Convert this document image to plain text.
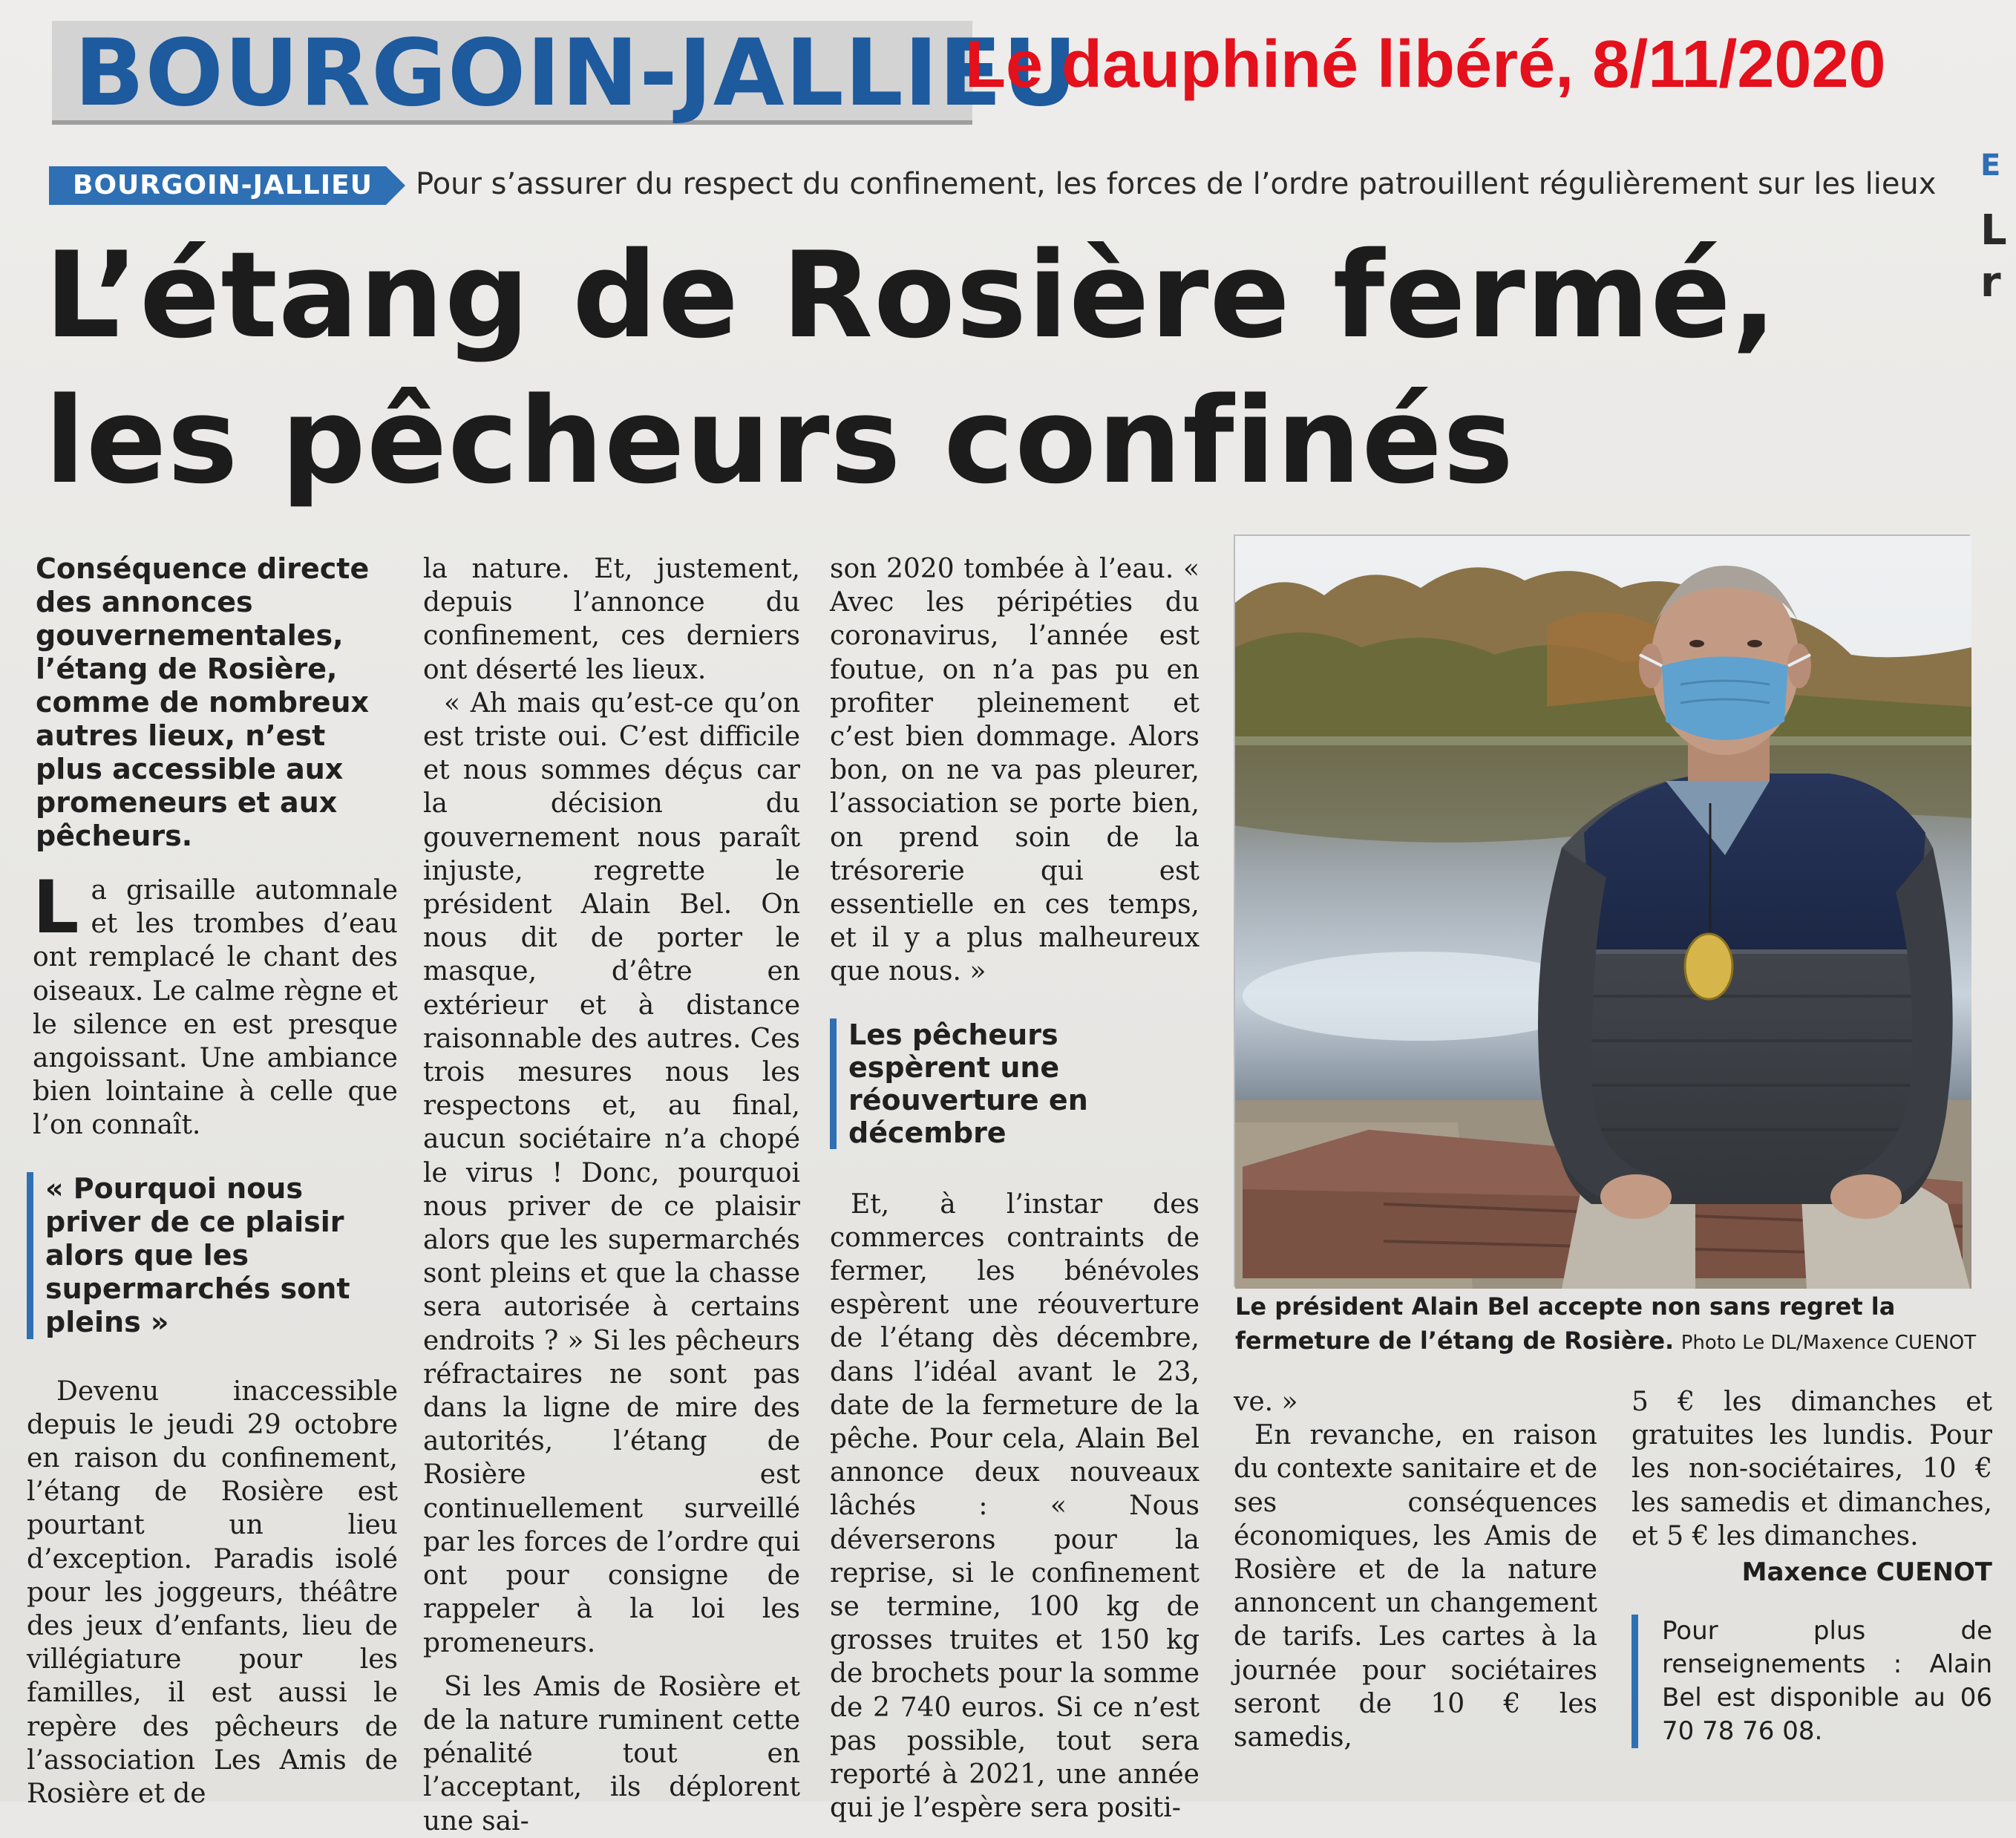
BOURGOIN-JALLIEU
Le dauphiné libéré, 8/11/2020
BOURGOIN-JALLIEU	Pour s’assurer du respect du confinement, les forces de l’ordre patrouillent régulièrement sur les lieux
L’étang de Rosière fermé,
les pêcheurs confinés
E
L
r

Conséquence directe des annonces gouvernementales, l’étang de Rosière, comme de nombreux autres lieux, n’est plus accessible aux promeneurs et aux pêcheurs.

La grisaille automnale et les trombes d’eau ont remplacé le chant des oiseaux. Le calme règne et le silence en est presque angoissant. Une ambiance bien lointaine à celle que l’on connaît.

« Pourquoi nous priver de ce plaisir alors que les supermarchés sont pleins »

Devenu inaccessible depuis le jeudi 29 octobre en raison du confinement, l’étang de Rosière est pourtant un lieu d’exception. Paradis isolé pour les joggeurs, théâtre des jeux d’enfants, lieu de villégiature pour les familles, il est aussi le repère des pêcheurs de l’association Les Amis de Rosière et de

la nature. Et, justement, depuis l’annonce du confinement, ces derniers ont déserté les lieux.

« Ah mais qu’est-ce qu’on est triste oui. C’est difficile et nous sommes déçus car la décision du gouvernement nous paraît injuste, regrette le président Alain Bel. On nous dit de porter le masque, d’être en extérieur et à distance raisonnable des autres. Ces trois mesures nous les respectons et, au final, aucun sociétaire n’a chopé le virus ! Donc, pourquoi nous priver de ce plaisir alors que les supermarchés sont pleins et que la chasse sera autorisée à certains endroits ? » Si les pêcheurs réfractaires ne sont pas dans la ligne de mire des autorités, l’étang de Rosière est continuellement surveillé par les forces de l’ordre qui ont pour consigne de rappeler à la loi les promeneurs.

Si les Amis de Rosière et de la nature ruminent cette pénalité tout en l’acceptant, ils déplorent une sai-

son 2020 tombée à l’eau. « Avec les péripéties du coronavirus, l’année est foutue, on n’a pas pu en profiter pleinement et c’est bien dommage. Alors bon, on ne va pas pleurer, l’association se porte bien, on prend soin de la trésorerie qui est essentielle en ces temps, et il y a plus malheureux que nous. »

Les pêcheurs espèrent une réouverture en décembre

Et, à l’instar des commerces contraints de fermer, les bénévoles espèrent une réouverture de l’étang dès décembre, dans l’idéal avant le 23, date de la fermeture de la pêche. Pour cela, Alain Bel annonce deux nouveaux lâchés : « Nous déverserons pour la reprise, si le confinement se termine, 100 kg de grosses truites et 150 kg de brochets pour la somme de 2 740 euros. Si ce n’est pas possible, tout sera reporté à 2021, une année qui je l’espère sera positi-

Le président Alain Bel accepte non sans regret la fermeture de l’étang de Rosière. Photo Le DL/Maxence CUENOT

ve. »

En revanche, en raison du contexte sanitaire et de ses conséquences économiques, les Amis de Rosière et de la nature annoncent un changement de tarifs. Les cartes à la journée pour sociétaires seront de 10 € les samedis,

5 € les dimanches et gratuites les lundis. Pour les non-sociétaires, 10 € les samedis et dimanches, et 5 € les dimanches.

Maxence CUENOT
Pour plus de renseignements : Alain Bel est disponible au 06 70 78 76 08.
